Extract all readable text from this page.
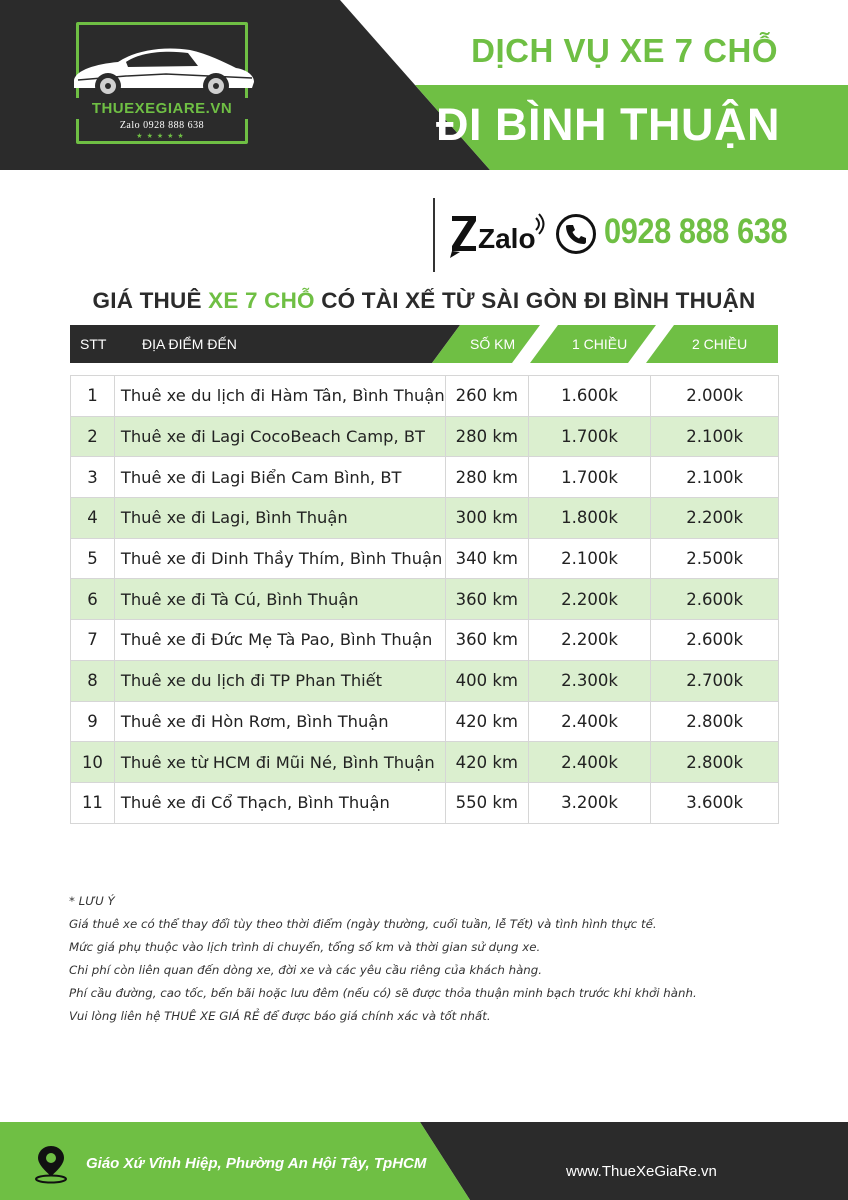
THUEXEGIARE.VN
Zalo 0928 888 638
★★★★★
DỊCH VỤ XE 7 CHỖ
ĐI BÌNH THUẬN
Zalo 0928 888 638
GIÁ THUÊ XE 7 CHỖ CÓ TÀI XẾ TỪ SÀI GÒN ĐI BÌNH THUẬN
STT	ĐỊA ĐIỂM ĐẾN	SỐ KM	1 CHIỀU	2 CHIỀU
1	Thuê xe du lịch đi Hàm Tân, Bình Thuận	260 km	1.600k	2.000k
2	Thuê xe đi Lagi CocoBeach Camp, BT	280 km	1.700k	2.100k
3	Thuê xe đi Lagi Biển Cam Bình, BT	280 km	1.700k	2.100k
4	Thuê xe đi Lagi, Bình Thuận	300 km	1.800k	2.200k
5	Thuê xe đi Dinh Thầy Thím, Bình Thuận	340 km	2.100k	2.500k
6	Thuê xe đi Tà Cú, Bình Thuận	360 km	2.200k	2.600k
7	Thuê xe đi Đức Mẹ Tà Pao, Bình Thuận	360 km	2.200k	2.600k
8	Thuê xe du lịch đi TP Phan Thiết	400 km	2.300k	2.700k
9	Thuê xe đi Hòn Rơm, Bình Thuận	420 km	2.400k	2.800k
10	Thuê xe từ HCM đi Mũi Né, Bình Thuận	420 km	2.400k	2.800k
11	Thuê xe đi Cổ Thạch, Bình Thuận	550 km	3.200k	3.600k
* LƯU Ý
Giá thuê xe có thể thay đổi tùy theo thời điểm (ngày thường, cuối tuần, lễ Tết) và tình hình thực tế.
Mức giá phụ thuộc vào lịch trình di chuyển, tổng số km và thời gian sử dụng xe.
Chi phí còn liên quan đến dòng xe, đời xe và các yêu cầu riêng của khách hàng.
Phí cầu đường, cao tốc, bến bãi hoặc lưu đêm (nếu có) sẽ được thỏa thuận minh bạch trước khi khởi hành.
Vui lòng liên hệ THUÊ XE GIÁ RẺ để được báo giá chính xác và tốt nhất.
Giáo Xứ Vĩnh Hiệp, Phường An Hội Tây, TpHCM	www.ThueXeGiaRe.vn
